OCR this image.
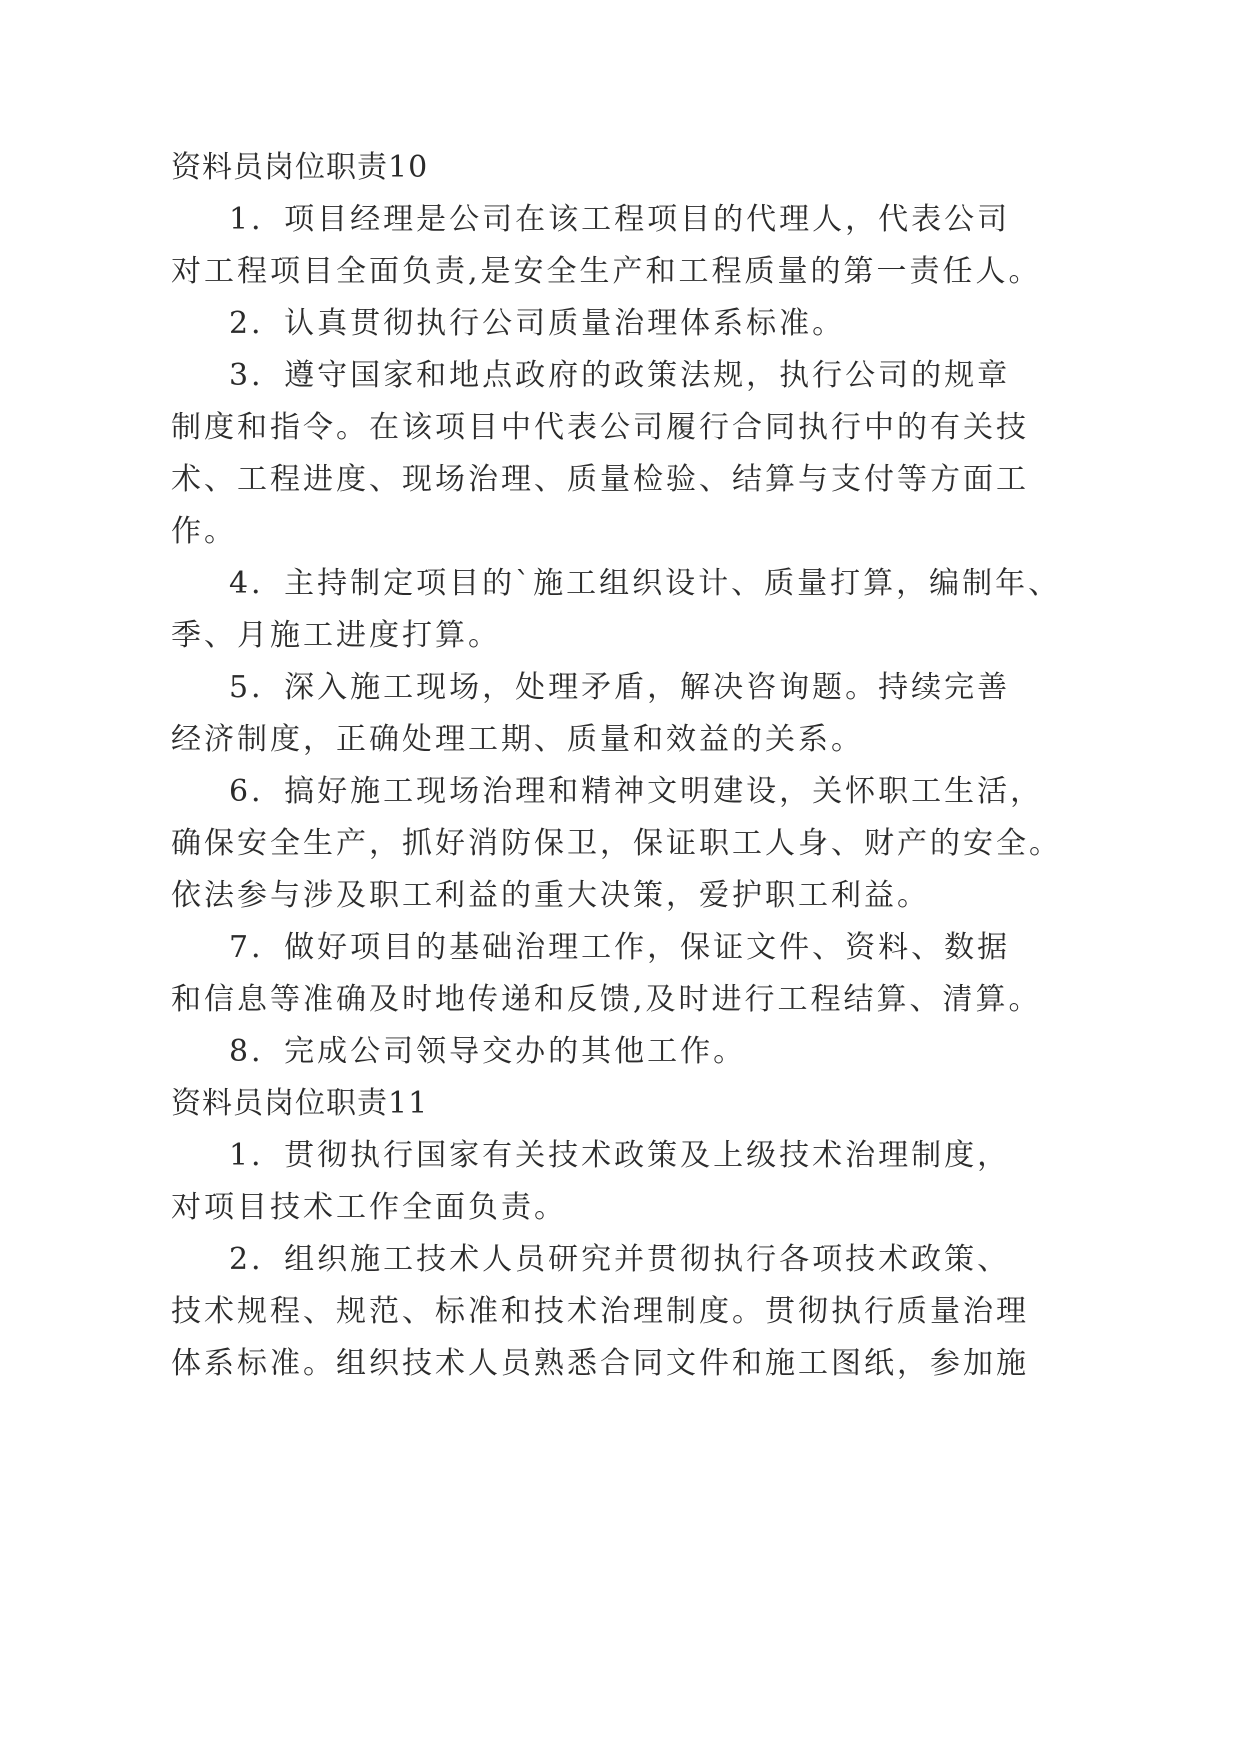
资料员岗位职责10
1．项目经理是公司在该工程项目的代理人，代表公司
对工程项目全面负责,是安全生产和工程质量的第一责任人。
2．认真贯彻执行公司质量治理体系标准。
3．遵守国家和地点政府的政策法规，执行公司的规章
制度和指令。在该项目中代表公司履行合同执行中的有关技
术、工程进度、现场治理、质量检验、结算与支付等方面工
作。
4．主持制定项目的`施工组织设计、质量打算，编制年、
季、月施工进度打算。
5．深入施工现场，处理矛盾，解决咨询题。持续完善
经济制度，正确处理工期、质量和效益的关系。
6．搞好施工现场治理和精神文明建设，关怀职工生活，
确保安全生产，抓好消防保卫，保证职工人身、财产的安全。
依法参与涉及职工利益的重大决策，爱护职工利益。
7．做好项目的基础治理工作，保证文件、资料、数据
和信息等准确及时地传递和反馈,及时进行工程结算、清算。
8．完成公司领导交办的其他工作。
资料员岗位职责11
1．贯彻执行国家有关技术政策及上级技术治理制度，
对项目技术工作全面负责。
2．组织施工技术人员研究并贯彻执行各项技术政策、
技术规程、规范、标准和技术治理制度。贯彻执行质量治理
体系标准。组织技术人员熟悉合同文件和施工图纸，参加施
